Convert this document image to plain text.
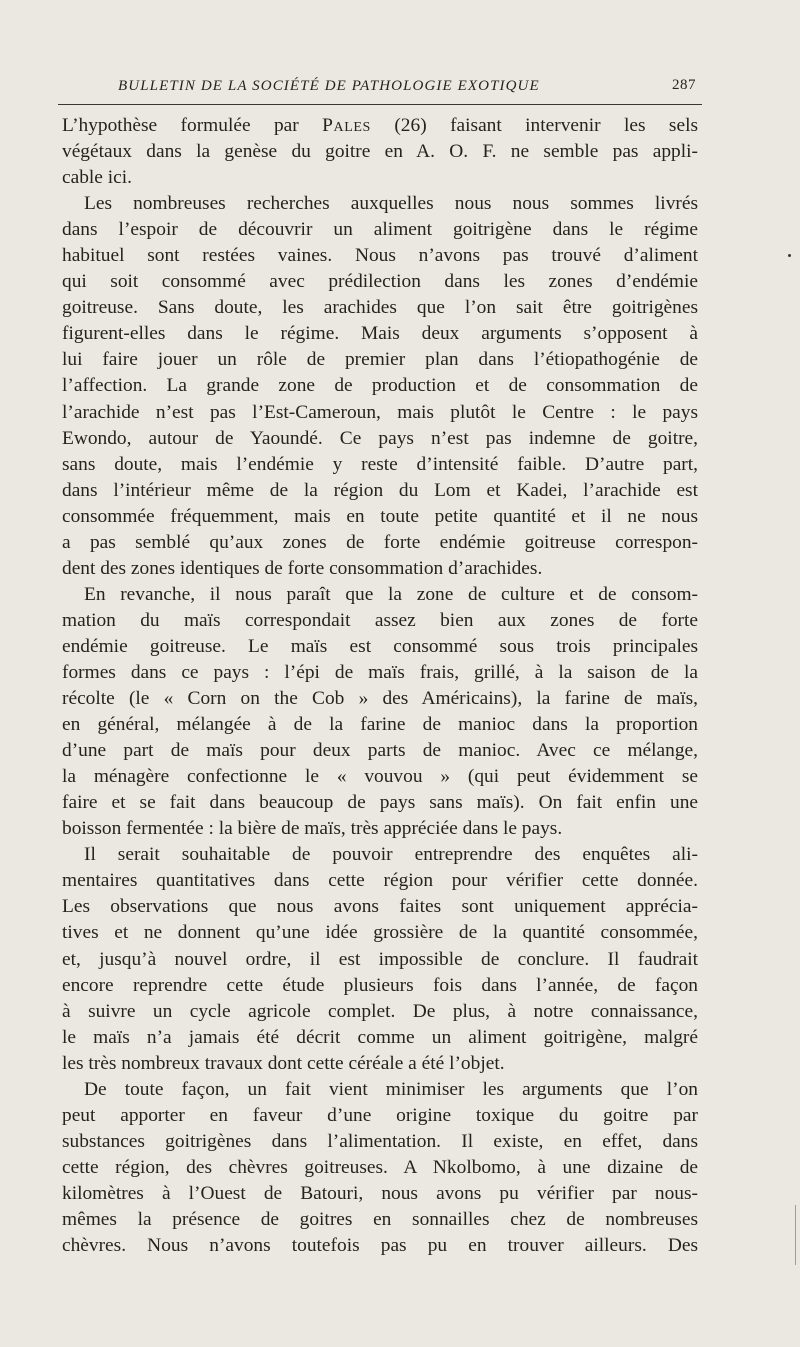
BULLETIN DE LA SOCIÉTÉ DE PATHOLOGIE EXOTIQUE	287
L’hypothèse formulée par Pales (26) faisant intervenir les sels
végétaux dans la genèse du goitre en A. O. F. ne semble pas appli-
cable ici.
Les nombreuses recherches auxquelles nous nous sommes livrés
dans l’espoir de découvrir un aliment goitrigène dans le régime
habituel sont restées vaines. Nous n’avons pas trouvé d’aliment
qui soit consommé avec prédilection dans les zones d’endémie
goitreuse. Sans doute, les arachides que l’on sait être goitrigènes
figurent-elles dans le régime. Mais deux arguments s’opposent à
lui faire jouer un rôle de premier plan dans l’étiopathogénie de
l’affection. La grande zone de production et de consommation de
l’arachide n’est pas l’Est-Cameroun, mais plutôt le Centre : le pays
Ewondo, autour de Yaoundé. Ce pays n’est pas indemne de goitre,
sans doute, mais l’endémie y reste d’intensité faible. D’autre part,
dans l’intérieur même de la région du Lom et Kadei, l’arachide est
consommée fréquemment, mais en toute petite quantité et il ne nous
a pas semblé qu’aux zones de forte endémie goitreuse correspon-
dent des zones identiques de forte consommation d’arachides.
En revanche, il nous paraît que la zone de culture et de consom-
mation du maïs correspondait assez bien aux zones de forte
endémie goitreuse. Le maïs est consommé sous trois principales
formes dans ce pays : l’épi de maïs frais, grillé, à la saison de la
récolte (le « Corn on the Cob » des Américains), la farine de maïs,
en général, mélangée à de la farine de manioc dans la proportion
d’une part de maïs pour deux parts de manioc. Avec ce mélange,
la ménagère confectionne le « vouvou » (qui peut évidemment se
faire et se fait dans beaucoup de pays sans maïs). On fait enfin une
boisson fermentée : la bière de maïs, très appréciée dans le pays.
Il serait souhaitable de pouvoir entreprendre des enquêtes ali-
mentaires quantitatives dans cette région pour vérifier cette donnée.
Les observations que nous avons faites sont uniquement apprécia-
tives et ne donnent qu’une idée grossière de la quantité consommée,
et, jusqu’à nouvel ordre, il est impossible de conclure. Il faudrait
encore reprendre cette étude plusieurs fois dans l’année, de façon
à suivre un cycle agricole complet. De plus, à notre connaissance,
le maïs n’a jamais été décrit comme un aliment goitrigène, malgré
les très nombreux travaux dont cette céréale a été l’objet.
De toute façon, un fait vient minimiser les arguments que l’on
peut apporter en faveur d’une origine toxique du goitre par
substances goitrigènes dans l’alimentation. Il existe, en effet, dans
cette région, des chèvres goitreuses. A Nkolbomo, à une dizaine de
kilomètres à l’Ouest de Batouri, nous avons pu vérifier par nous-
mêmes la présence de goitres en sonnailles chez de nombreuses
chèvres. Nous n’avons toutefois pas pu en trouver ailleurs. Des
